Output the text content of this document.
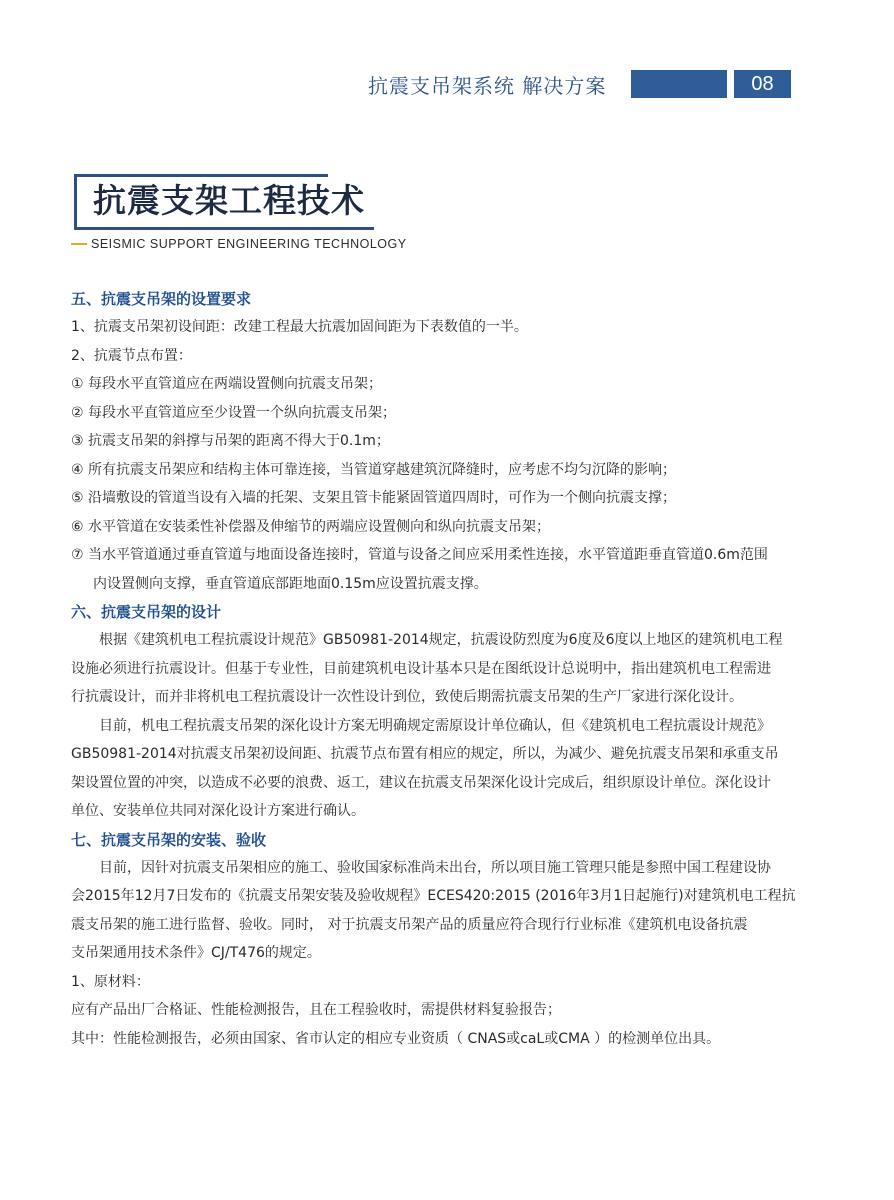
抗震支吊架系统 解决方案	08
抗震支架工程技术
SEISMIC SUPPORT ENGINEERING TECHNOLOGY
五、抗震支吊架的设置要求

1、抗震支吊架初设间距：改建工程最大抗震加固间距为下表数值的一半。

2、抗震节点布置：

① 每段水平直管道应在两端设置侧向抗震支吊架；

② 每段水平直管道应至少设置一个纵向抗震支吊架；

③ 抗震支吊架的斜撑与吊架的距离不得大于0.1m；

④ 所有抗震支吊架应和结构主体可靠连接，当管道穿越建筑沉降缝时，应考虑不均匀沉降的影响；

⑤ 沿墙敷设的管道当设有入墙的托架、支架且管卡能紧固管道四周时，可作为一个侧向抗震支撑；

⑥ 水平管道在安装柔性补偿器及伸缩节的两端应设置侧向和纵向抗震支吊架；

⑦ 当水平管道通过垂直管道与地面设备连接时，管道与设备之间应采用柔性连接，水平管道距垂直管道0.6m范围

内设置侧向支撑，垂直管道底部距地面0.15m应设置抗震支撑。

六、抗震支吊架的设计

根据《建筑机电工程抗震设计规范》GB50981-2014规定，抗震设防烈度为6度及6度以上地区的建筑机电工程

设施必须进行抗震设计。但基于专业性，目前建筑机电设计基本只是在图纸设计总说明中，指出建筑机电工程需进

行抗震设计，而并非将机电工程抗震设计一次性设计到位，致使后期需抗震支吊架的生产厂家进行深化设计。

目前，机电工程抗震支吊架的深化设计方案无明确规定需原设计单位确认，但《建筑机电工程抗震设计规范》

GB50981-2014对抗震支吊架初设间距、抗震节点布置有相应的规定，所以，为减少、避免抗震支吊架和承重支吊

架设置位置的冲突，以造成不必要的浪费、返工，建议在抗震支吊架深化设计完成后，组织原设计单位。深化设计

单位、安装单位共同对深化设计方案进行确认。

七、抗震支吊架的安装、验收

目前，因针对抗震支吊架相应的施工、验收国家标准尚未出台，所以项目施工管理只能是参照中国工程建设协

会2015年12月7日发布的《抗震支吊架安装及验收规程》ECES420:2015 (2016年3月1日起施行)对建筑机电工程抗

震支吊架的施工进行监督、验收。同时， 对于抗震支吊架产品的质量应符合现行行业标准《建筑机电设备抗震

支吊架通用技术条件》CJ/T476的规定。

1、原材料：

应有产品出厂合格证、性能检测报告，且在工程验收时，需提供材料复验报告；

其中：性能检测报告，必须由国家、省市认定的相应专业资质（ CNAS或caL或CMA ）的检测单位出具。
